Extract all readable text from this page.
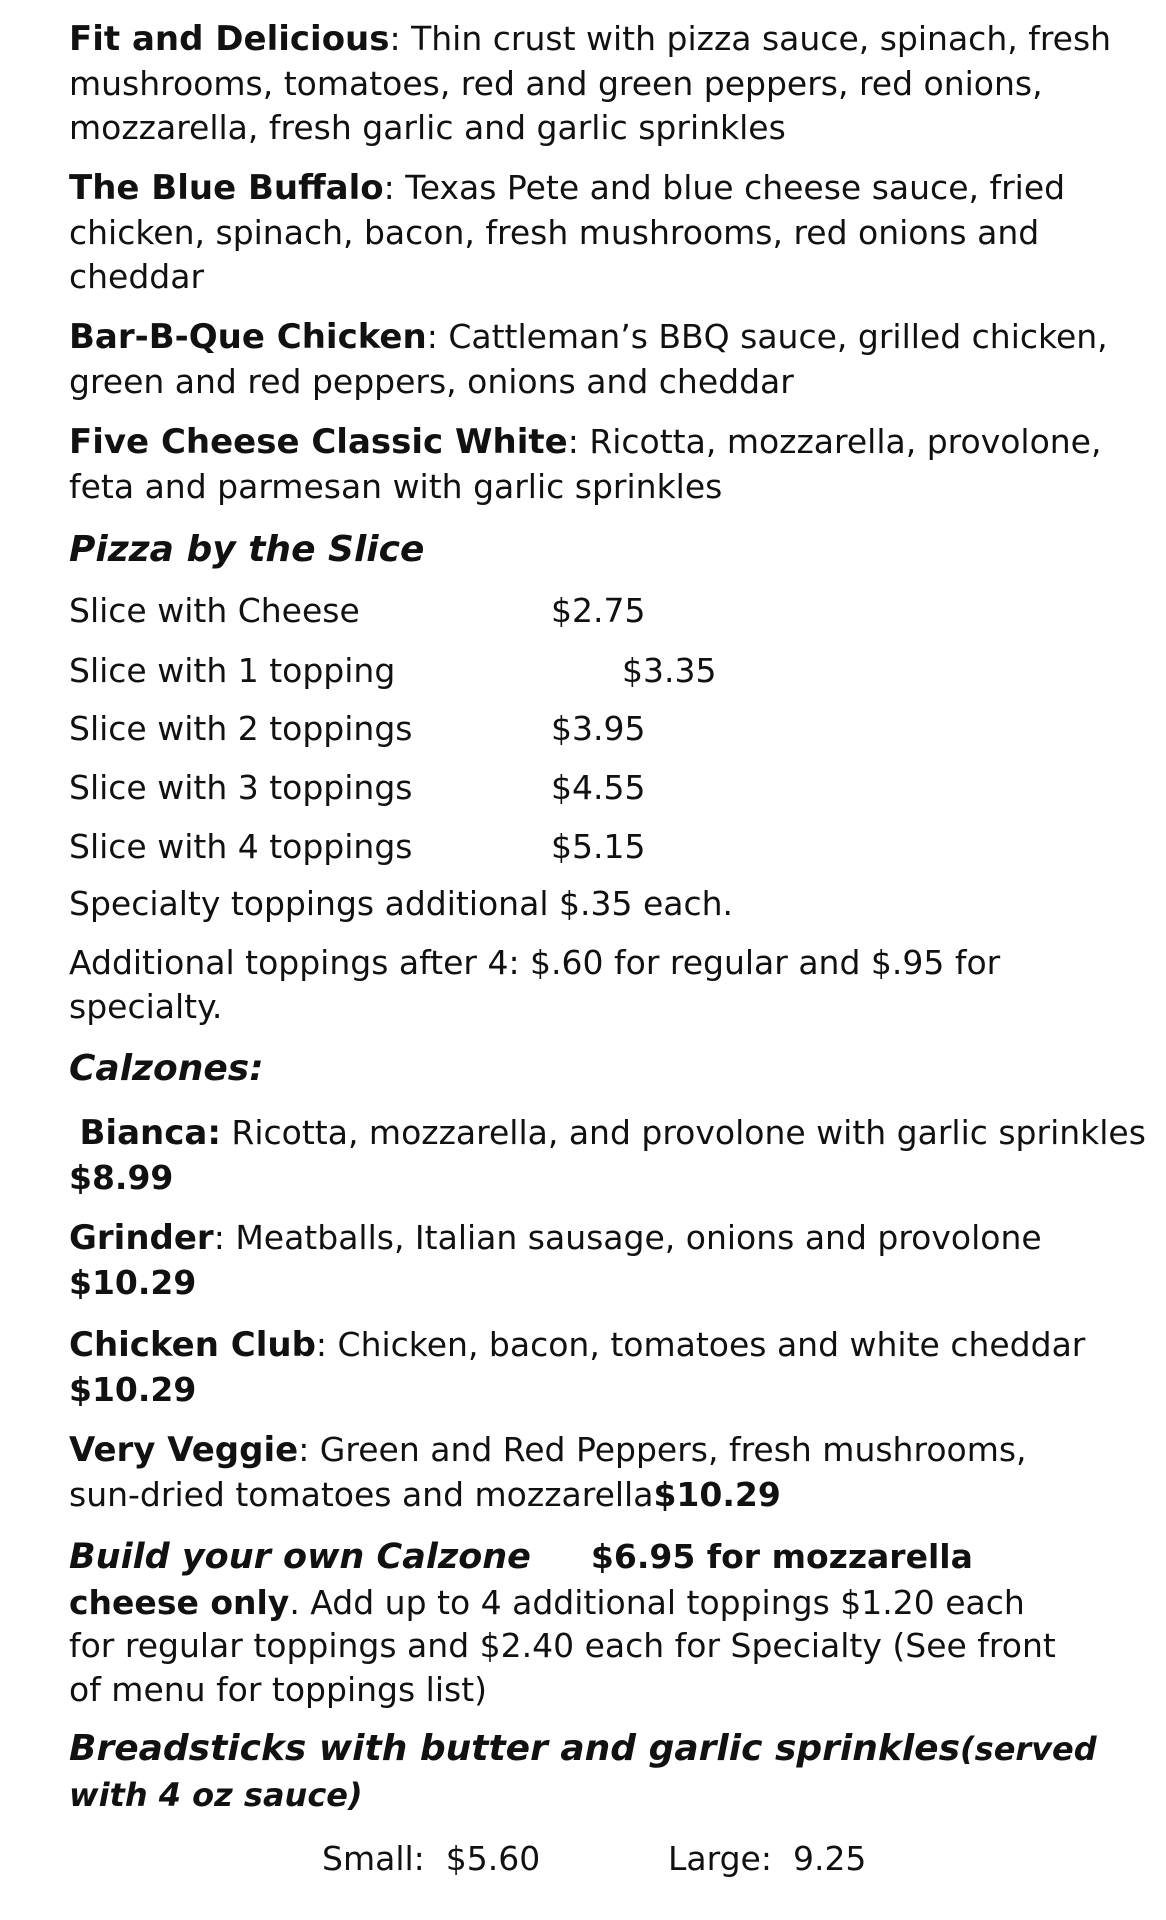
Fit and Delicious: Thin crust with pizza sauce, spinach, fresh mushrooms, tomatoes, red and green peppers, red onions, mozzarella, fresh garlic and garlic sprinkles

The Blue Buffalo: Texas Pete and blue cheese sauce, fried chicken, spinach, bacon, fresh mushrooms, red onions and cheddar

Bar-B-Que Chicken: Cattleman’s BBQ sauce, grilled chicken, green and red peppers, onions and cheddar

Five Cheese Classic White: Ricotta, mozzarella, provolone, feta and parmesan with garlic sprinkles

Pizza by the Slice

Slice with Cheese	$2.75
Slice with 1 topping	$3.35
Slice with 2 toppings	$3.95
Slice with 3 toppings	$4.55
Slice with 4 toppings	$5.15

Specialty toppings additional $.35 each.

Additional toppings after 4: $.60 for regular and $.95 for specialty.

Calzones:

Bianca: Ricotta, mozzarella, and provolone with garlic sprinkles
$8.99

Grinder: Meatballs, Italian sausage, onions and provolone
$10.29

Chicken Club: Chicken, bacon, tomatoes and white cheddar
$10.29

Very Veggie: Green and Red Peppers, fresh mushrooms, sun-dried tomatoes and mozzarella$10.29

Build your own Calzone $6.95 for mozzarella cheese only. Add up to 4 additional toppings $1.20 each for regular toppings and $2.40 each for Specialty (See front of menu for toppings list)

Breadsticks with butter and garlic sprinkles(served with 4 oz sauce)

Small: $5.60	Large: 9.25
